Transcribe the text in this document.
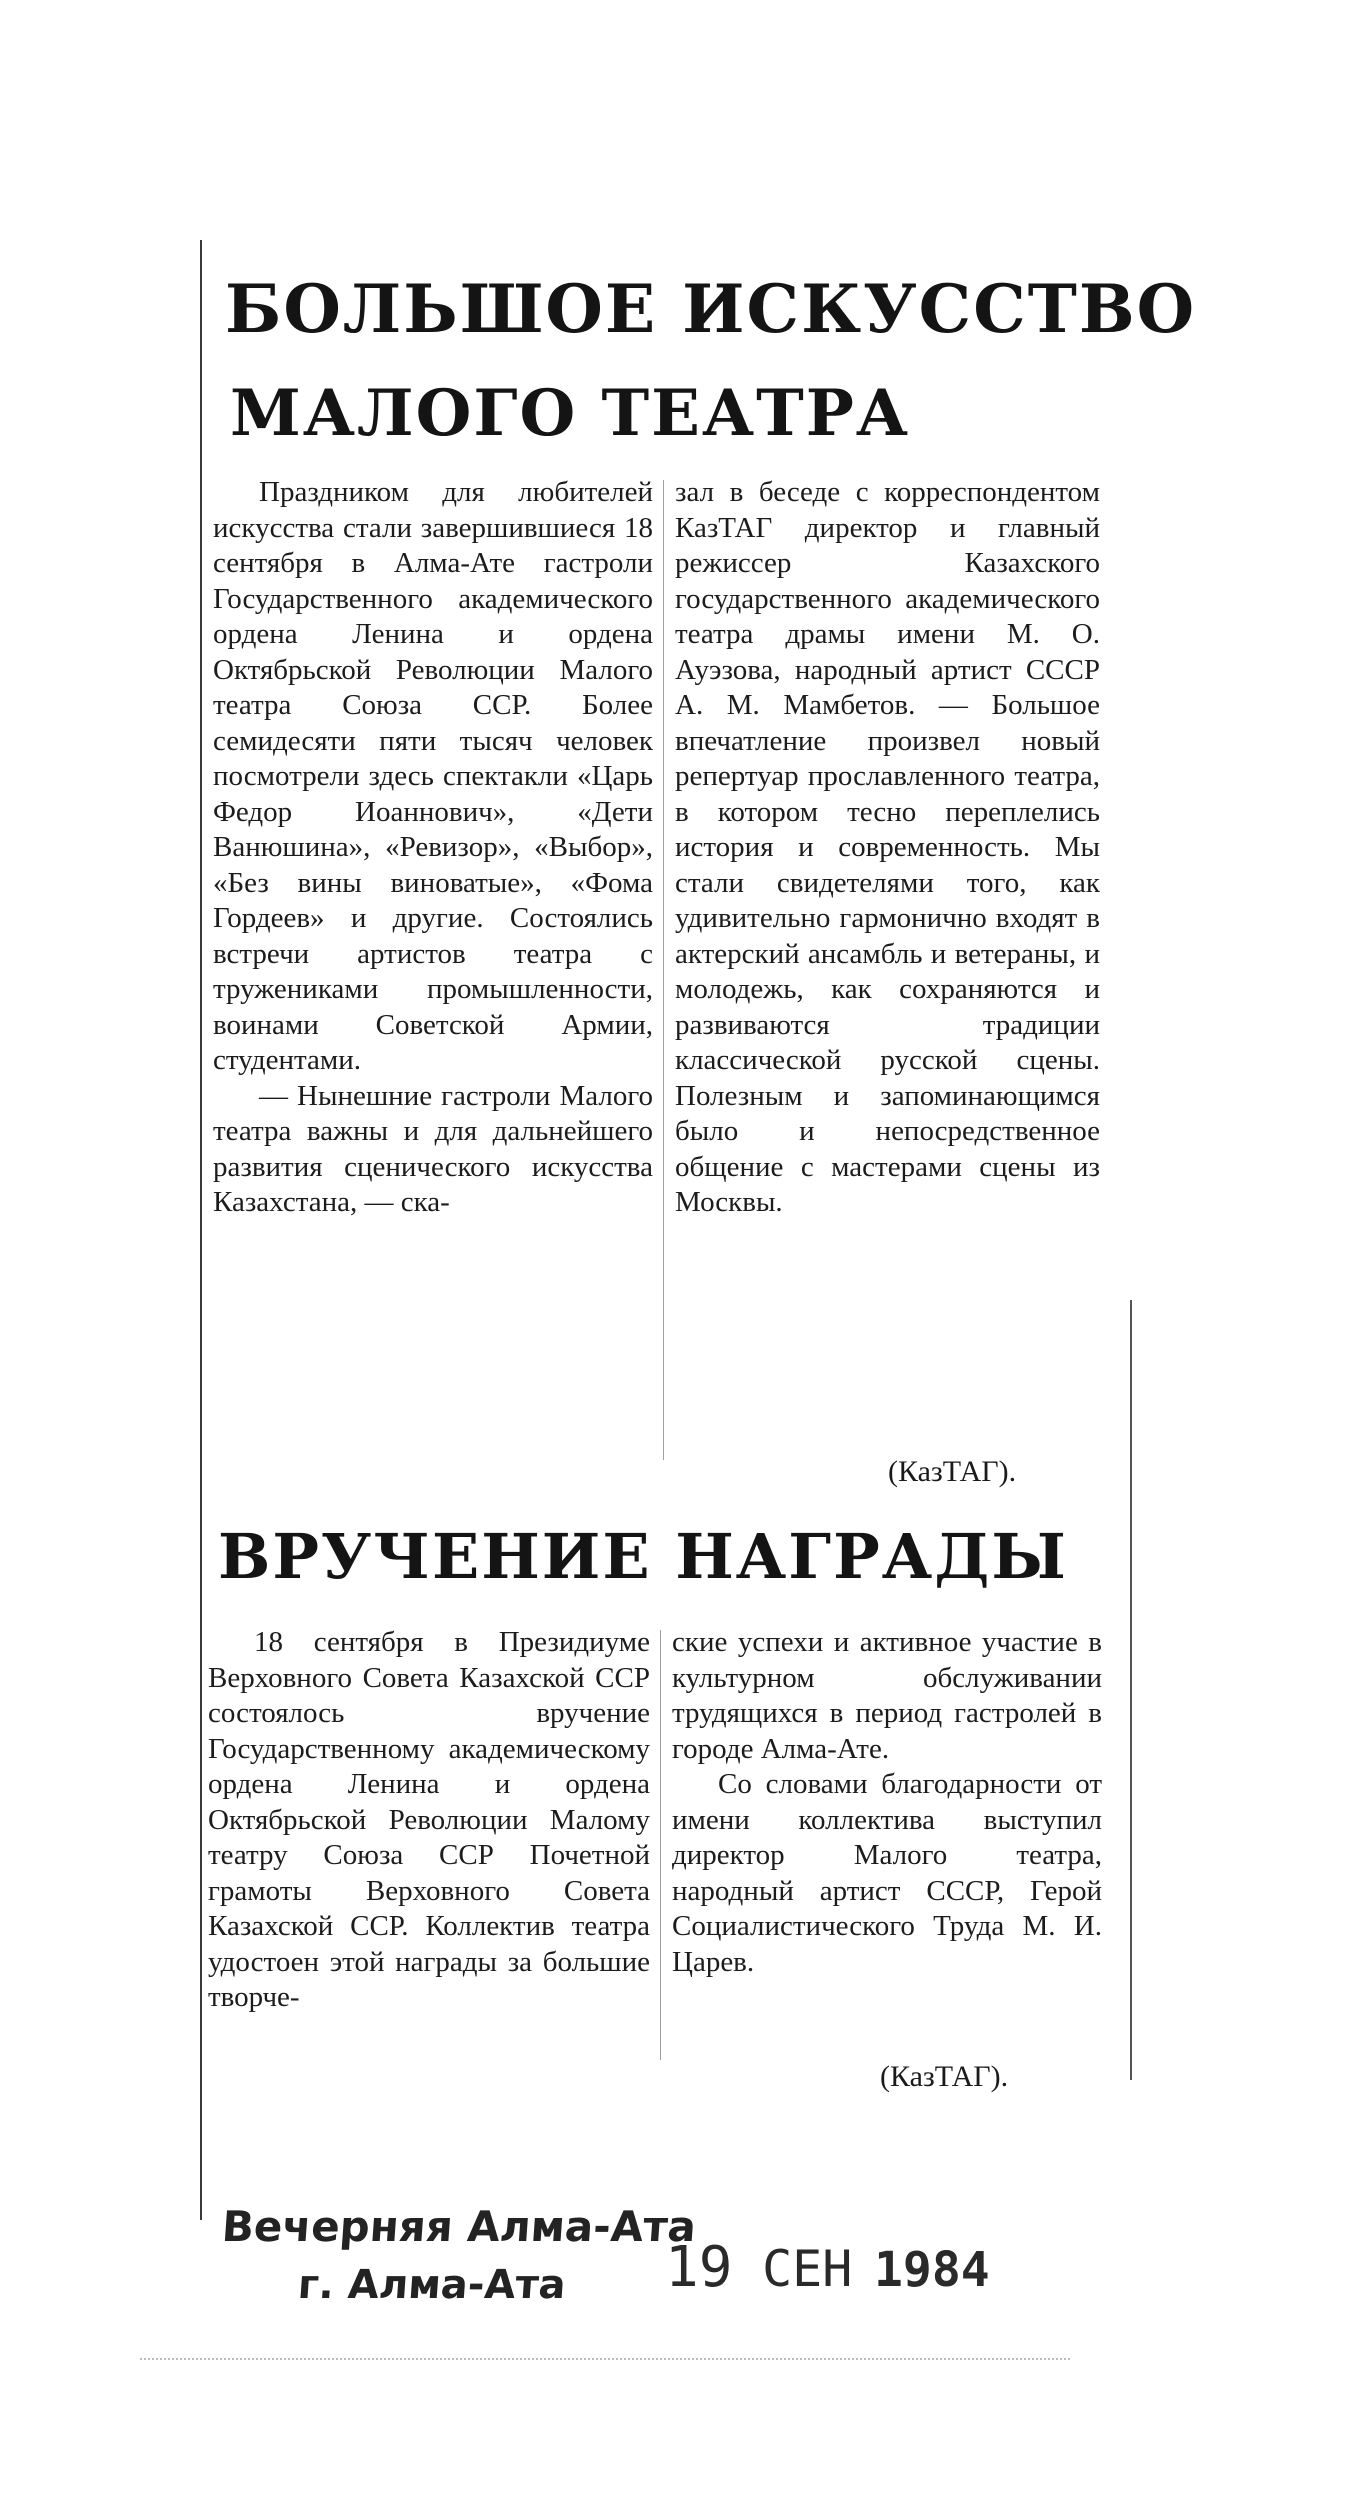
БОЛЬШОЕ ИСКУССТВО
МАЛОГО ТЕАТРА

Праздником для любителей искусства стали завершившиеся 18 сентября в Алма-Ате гастроли Государственного академического ордена Ленина и ордена Октябрьской Революции Малого театра Союза ССР. Более семидесяти пяти тысяч человек посмотрели здесь спектакли «Царь Федор Иоаннович», «Дети Ванюшина», «Ревизор», «Выбор», «Без вины виноватые», «Фома Гордеев» и другие. Состоялись встречи артистов театра с тружениками промышленности, воинами Советской Армии, студентами.

— Нынешние гастроли Малого театра важны и для дальнейшего развития сценического искусства Казахстана, — ска-

зал в беседе с корреспондентом КазТАГ директор и главный режиссер Казахского государственного академического театра драмы имени М. О. Ауэзова, народный артист СССР А. М. Мамбетов. — Большое впечатление произвел новый репертуар прославленного театра, в котором тесно переплелись история и современность. Мы стали свидетелями того, как удивительно гармонично входят в актерский ансамбль и ветераны, и молодежь, как сохраняются и развиваются традиции классической русской сцены. Полезным и запоминающимся было и непосредственное общение с мастерами сцены из Москвы.

(КазТАГ).
ВРУЧЕНИЕ НАГРАДЫ

18 сентября в Президиуме Верховного Совета Казахской ССР состоялось вручение Государственному академическому ордена Ленина и ордена Октябрьской Революции Малому театру Союза ССР Почетной грамоты Верховного Совета Казахской ССР. Коллектив театра удостоен этой награды за большие творче-

ские успехи и активное участие в культурном обслуживании трудящихся в период гастролей в городе Алма-Ате.

Со словами благодарности от имени коллектива выступил директор Малого театра, народный артист СССР, Герой Социалистического Труда М. И. Царев.

(КазТАГ).
Вечерняя Алма-Ата
г. Алма-Ата 19 СЕН 1984
